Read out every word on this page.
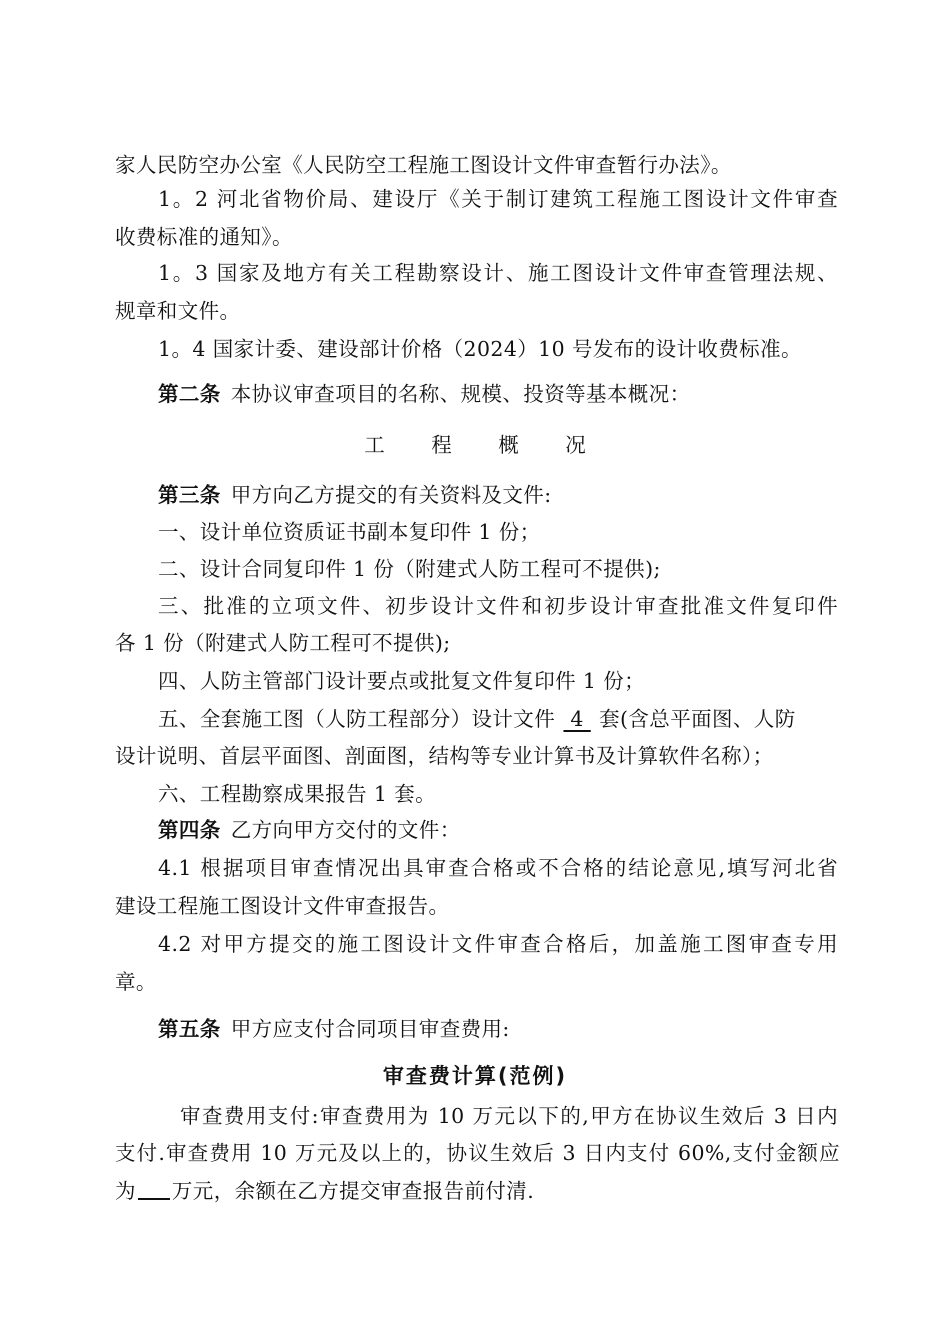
家人民防空办公室《人民防空工程施工图设计文件审查暂行办法》。
1。2 河北省物价局、建设厅《关于制订建筑工程施工图设计文件审查
收费标准的通知》。
1。3 国家及地方有关工程勘察设计、施工图设计文件审查管理法规、
规章和文件。
1。4 国家计委、建设部计价格（2024）10 号发布的设计收费标准。
第二条 本协议审查项目的名称、规模、投资等基本概况：
工 程 概 况
第三条 甲方向乙方提交的有关资料及文件:
一、设计单位资质证书副本复印件 1 份；
二、设计合同复印件 1 份（附建式人防工程可不提供);
三、批准的立项文件、初步设计文件和初步设计审查批准文件复印件
各 1 份（附建式人防工程可不提供);
四、人防主管部门设计要点或批复文件复印件 1 份；
五、全套施工图（人防工程部分）设计文件 4 套(含总平面图、人防
设计说明、首层平面图、剖面图，结构等专业计算书及计算软件名称）；
六、工程勘察成果报告 1 套。
第四条 乙方向甲方交付的文件：
4.1 根据项目审查情况出具审查合格或不合格的结论意见,填写河北省
建设工程施工图设计文件审查报告。
4.2 对甲方提交的施工图设计文件审查合格后，加盖施工图审查专用
章。
第五条 甲方应支付合同项目审查费用:
审查费计算(范例)
审查费用支付:审查费用为 10 万元以下的,甲方在协议生效后 3 日内
支付.审查费用 10 万元及以上的，协议生效后 3 日内支付 60%,支付金额应
为 万元，余额在乙方提交审查报告前付清.
